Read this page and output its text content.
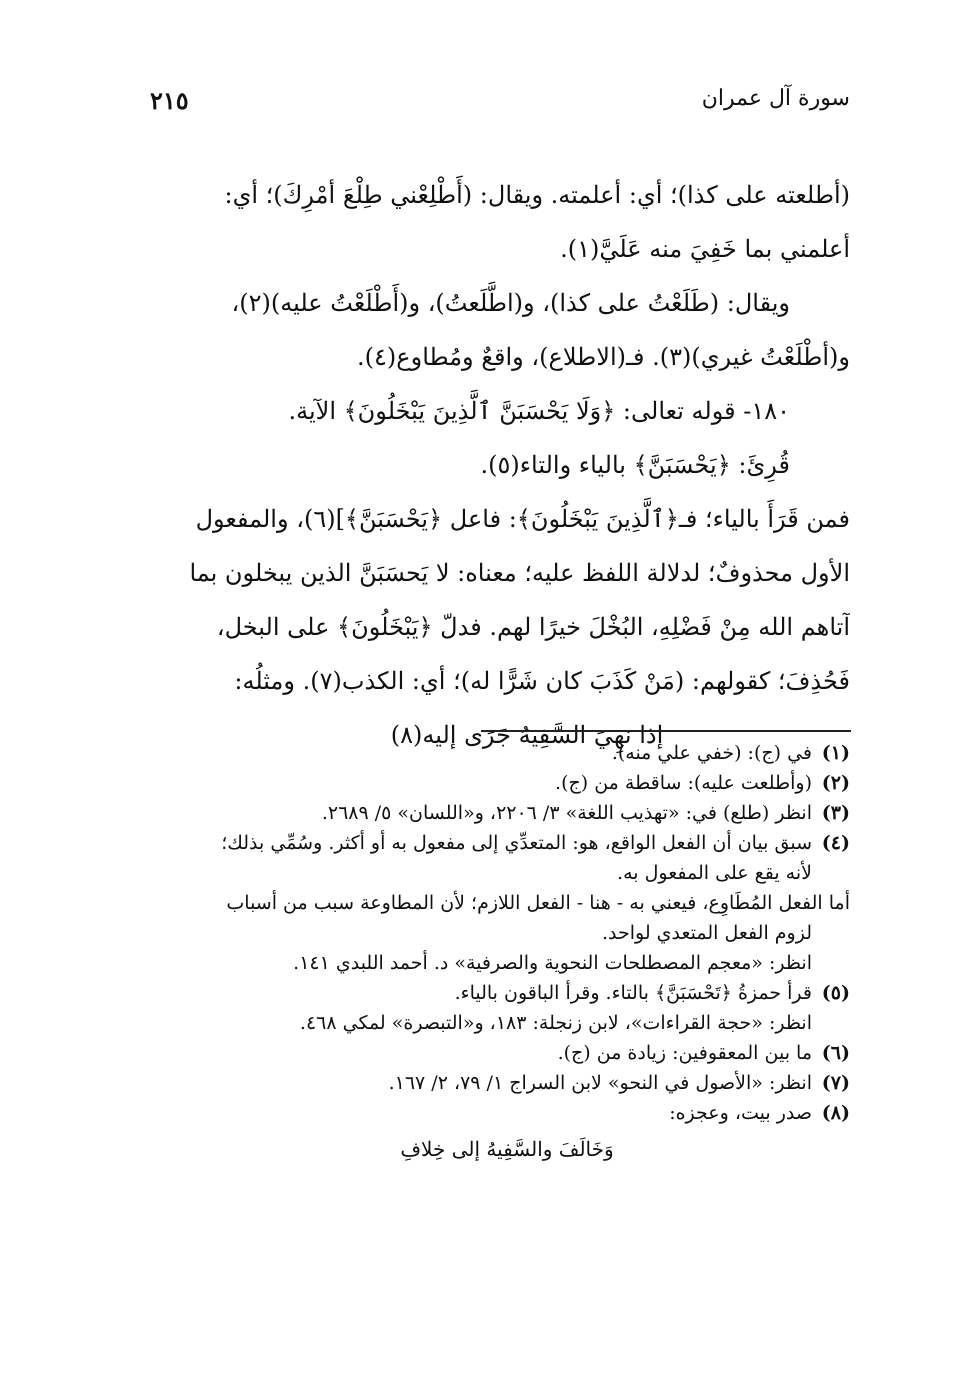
سورة آل عمران
٢١٥
(أطلعته على كذا)؛ أي: أعلمته. ويقال: (أَطْلِعْني طِلْعَ أمْرِكَ)؛ أي:
أعلمني بما خَفِيَ منه عَلَيَّ(١).
ويقال: (طَلَعْتُ على كذا)، و(اطَّلَعتُ)، و(أَطْلَعْتُ عليه)(٢)،
و(أطْلَعْتُ غيري)(٣). فـ(الاطلاع)، واقعٌ ومُطاوع(٤).
١٨٠- قوله تعالى: ﴿وَلَا يَحْسَبَنَّ ٱلَّذِينَ يَبْخَلُونَ﴾ الآية.
قُرِئَ: ﴿يَحْسَبَنَّ﴾ بالياء والتاء(٥).
فمن قَرَأَ بالياء؛ فـ﴿ٱلَّذِينَ يَبْخَلُونَ﴾: فاعل ﴿يَحْسَبَنَّ﴾](٦)، والمفعول
الأول محذوفٌ؛ لدلالة اللفظ عليه؛ معناه: لا يَحسَبَنَّ الذين يبخلون بما
آتاهم الله مِنْ فَضْلِهِ، البُخْلَ خيرًا لهم. فدلّ ﴿يَبْخَلُونَ﴾ على البخل،
فَحُذِفَ؛ كقولهم: (مَنْ كَذَبَ كان شَرًّا له)؛ أي: الكذب(٧). ومثلُه:
إذا نهِيَ السَّفِيهُ جَرَى إليه(٨)
(١)في (ج): (خفي علي منه).
(٢)(وأطلعت عليه): ساقطة من (ج).
(٣)انظر (طلع) في: «تهذيب اللغة» ٣/ ٢٢٠٦، و«اللسان» ٥/ ٢٦٨٩.
(٤)سبق بيان أن الفعل الواقع، هو: المتعدِّي إلى مفعول به أو أكثر. وسُمِّي بذلك؛
لأنه يقع على المفعول به.
أما الفعل المُطَاوِع، فيعني به - هنا - الفعل اللازم؛ لأن المطاوعة سبب من أسباب
لزوم الفعل المتعدي لواحد.
انظر: «معجم المصطلحات النحوية والصرفية» د. أحمد اللبدي ١٤١.
(٥)قرأ حمزةُ ﴿تَحْسَبَنَّ﴾ بالتاء. وقرأ الباقون بالياء.
انظر: «حجة القراءات»، لابن زنجلة: ١٨٣، و«التبصرة» لمكي ٤٦٨.
(٦)ما بين المعقوفين: زيادة من (ج).
(٧)انظر: «الأصول في النحو» لابن السراج ١/ ٧٩، ٢/ ١٦٧.
(٨)صدر بيت، وعجزه:
وَخَالَفَ والسَّفِيهُ إلى خِلافِ
